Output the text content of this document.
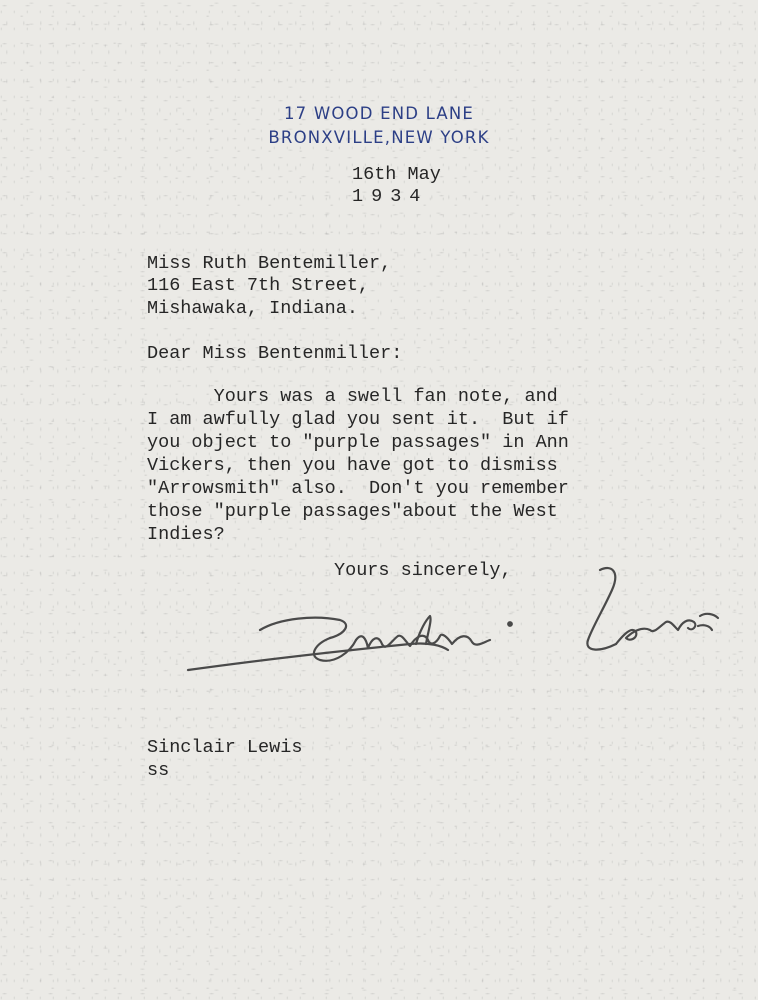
17 WOOD END LANE
BRONXVILLE,NEW YORK
16th May
1934
Miss Ruth Bentemiller,
116 East 7th Street,
Mishawaka, Indiana.
Dear Miss Bentenmiller:
Yours was a swell fan note, and
I am awfully glad you sent it.  But if
you object to "purple passages" in Ann
Vickers, then you have got to dismiss
"Arrowsmith" also.  Don't you remember
those "purple passages"about the West
Indies?
Yours sincerely,
Sinclair Lewis
ss
